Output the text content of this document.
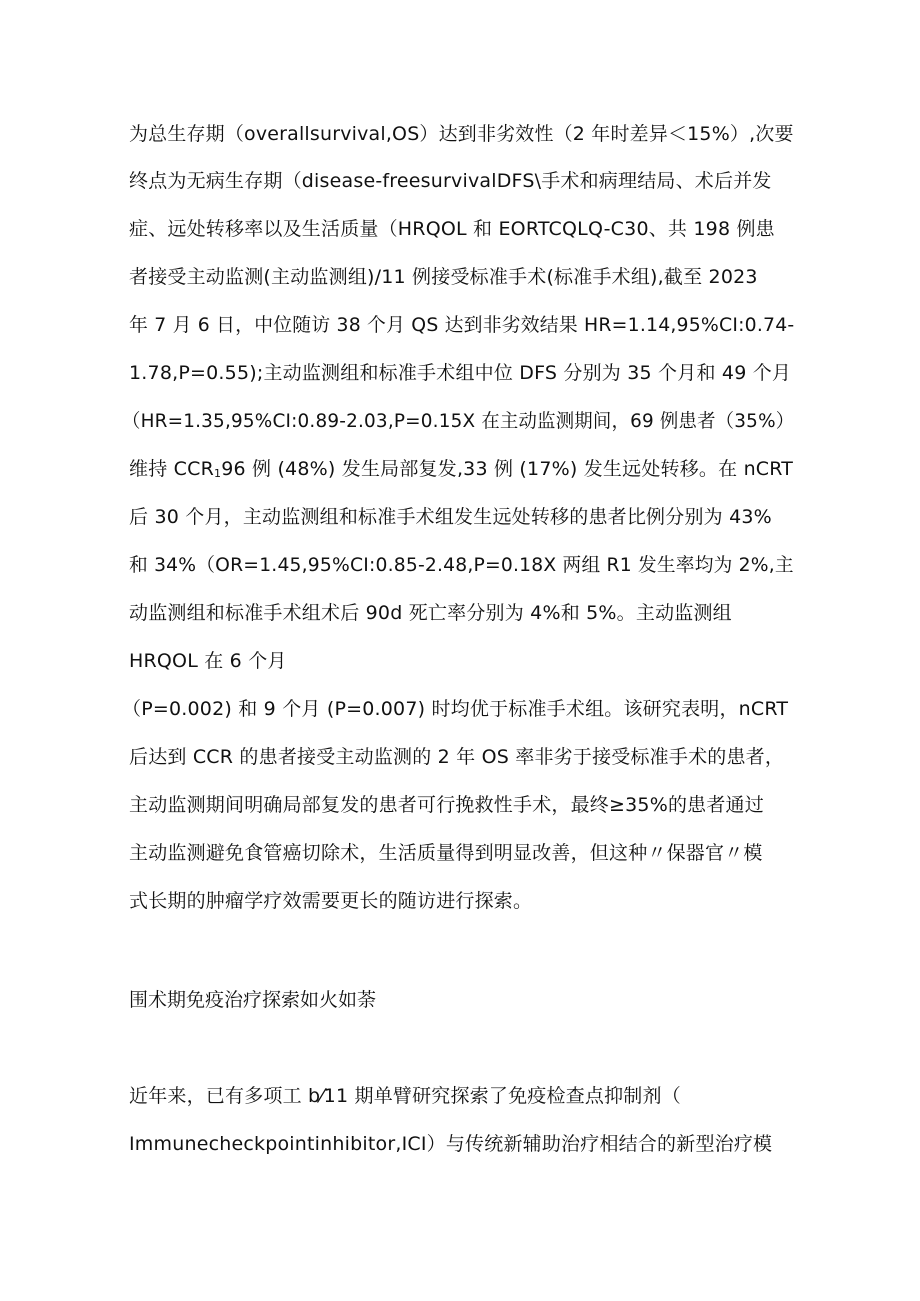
为总生存期（overallsurvival,OS）达到非劣效性（2 年时差异＜15%）,次要
终点为无病生存期（disease-freesurvivalDFS\手术和病理结局、术后并发
症、远处转移率以及生活质量（HRQOL 和 EORTCQLQ-C30、共 198 例患
者接受主动监测(主动监测组)/11 例接受标准手术(标准手术组),截至 2023
年 7 月 6 日，中位随访 38 个月 QS 达到非劣效结果 HR=1.14,95%CI:0.74-
1.78,P=0.55);主动监测组和标准手术组中位 DFS 分别为 35 个月和 49 个月
（HR=1.35,95%CI:0.89-2.03,P=0.15X 在主动监测期间，69 例患者（35%）
维持 $CCR_196$ 例 (48%) 发生局部复发,33 例 (17%) 发生远处转移。在 nCRT
后 30 个月，主动监测组和标准手术组发生远处转移的患者比例分别为 43%
和 34%（OR=1.45,95%CI:0.85-2.48,P=0.18X 两组 R1 发生率均为 2%,主
动监测组和标准手术组术后 90d 死亡率分别为 4%和 5%。主动监测组
HRQOL 在 6 个月
（P=0.002) 和 9 个月 (P=0.007) 时均优于标准手术组。该研究表明，nCRT
后达到 CCR 的患者接受主动监测的 2 年 OS 率非劣于接受标准手术的患者，
主动监测期间明确局部复发的患者可行挽救性手术，最终≥35%的患者通过
主动监测避免食管癌切除术，生活质量得到明显改善，但这种〃保器官〃模
式长期的肿瘤学疗效需要更长的随访进行探索。
围术期免疫治疗探索如火如荼
近年来，已有多项工 b⁄11 期单臂研究探索了免疫检查点抑制剂（
Immunecheckpointinhibitor,ICI）与传统新辅助治疗相结合的新型治疗模
